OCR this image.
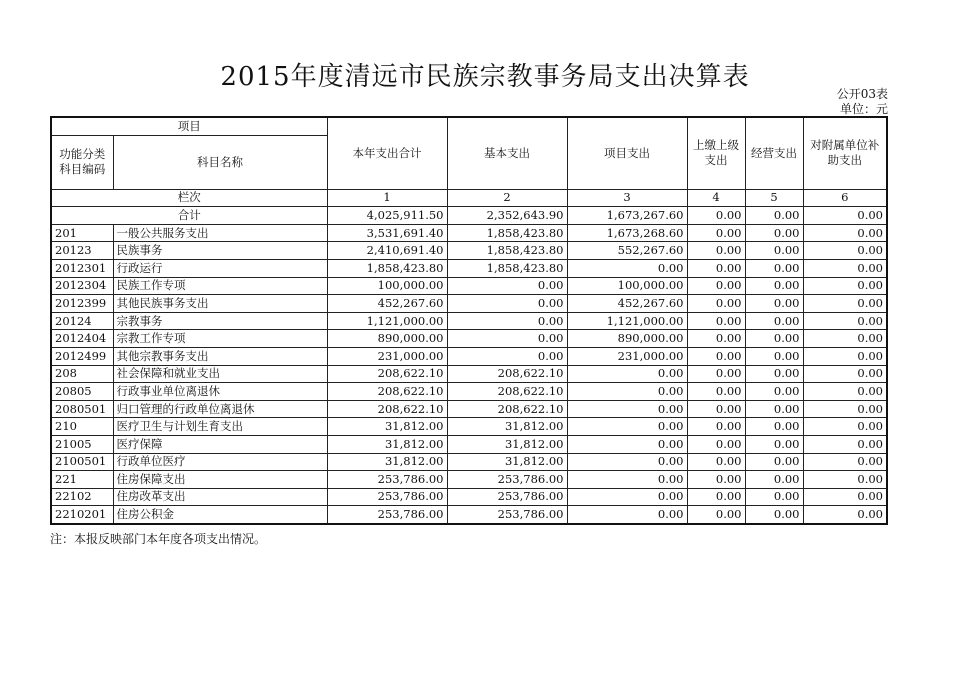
2015年度清远市民族宗教事务局支出决算表
公开03表
单位：元
项目		本年支出合计	基本支出	项目支出	上缴上级支出	经营支出	对附属单位补助支出
功能分类科目编码	科目名称						
栏次		1	2	3	4	5	6
合计		4,025,911.50	2,352,643.90	1,673,267.60	0.00	0.00	0.00
201	一般公共服务支出	3,531,691.40	1,858,423.80	1,673,268.60	0.00	0.00	0.00
20123	民族事务	2,410,691.40	1,858,423.80	552,267.60	0.00	0.00	0.00
2012301	行政运行	1,858,423.80	1,858,423.80	0.00	0.00	0.00	0.00
2012304	民族工作专项	100,000.00	0.00	100,000.00	0.00	0.00	0.00
2012399	其他民族事务支出	452,267.60	0.00	452,267.60	0.00	0.00	0.00
20124	宗教事务	1,121,000.00	0.00	1,121,000.00	0.00	0.00	0.00
2012404	宗教工作专项	890,000.00	0.00	890,000.00	0.00	0.00	0.00
2012499	其他宗教事务支出	231,000.00	0.00	231,000.00	0.00	0.00	0.00
208	社会保障和就业支出	208,622.10	208,622.10	0.00	0.00	0.00	0.00
20805	行政事业单位离退休	208,622.10	208,622.10	0.00	0.00	0.00	0.00
2080501	归口管理的行政单位离退休	208,622.10	208,622.10	0.00	0.00	0.00	0.00
210	医疗卫生与计划生育支出	31,812.00	31,812.00	0.00	0.00	0.00	0.00
21005	医疗保障	31,812.00	31,812.00	0.00	0.00	0.00	0.00
2100501	行政单位医疗	31,812.00	31,812.00	0.00	0.00	0.00	0.00
221	住房保障支出	253,786.00	253,786.00	0.00	0.00	0.00	0.00
22102	住房改革支出	253,786.00	253,786.00	0.00	0.00	0.00	0.00
2210201	住房公积金	253,786.00	253,786.00	0.00	0.00	0.00	0.00
注：本报反映部门本年度各项支出情况。
